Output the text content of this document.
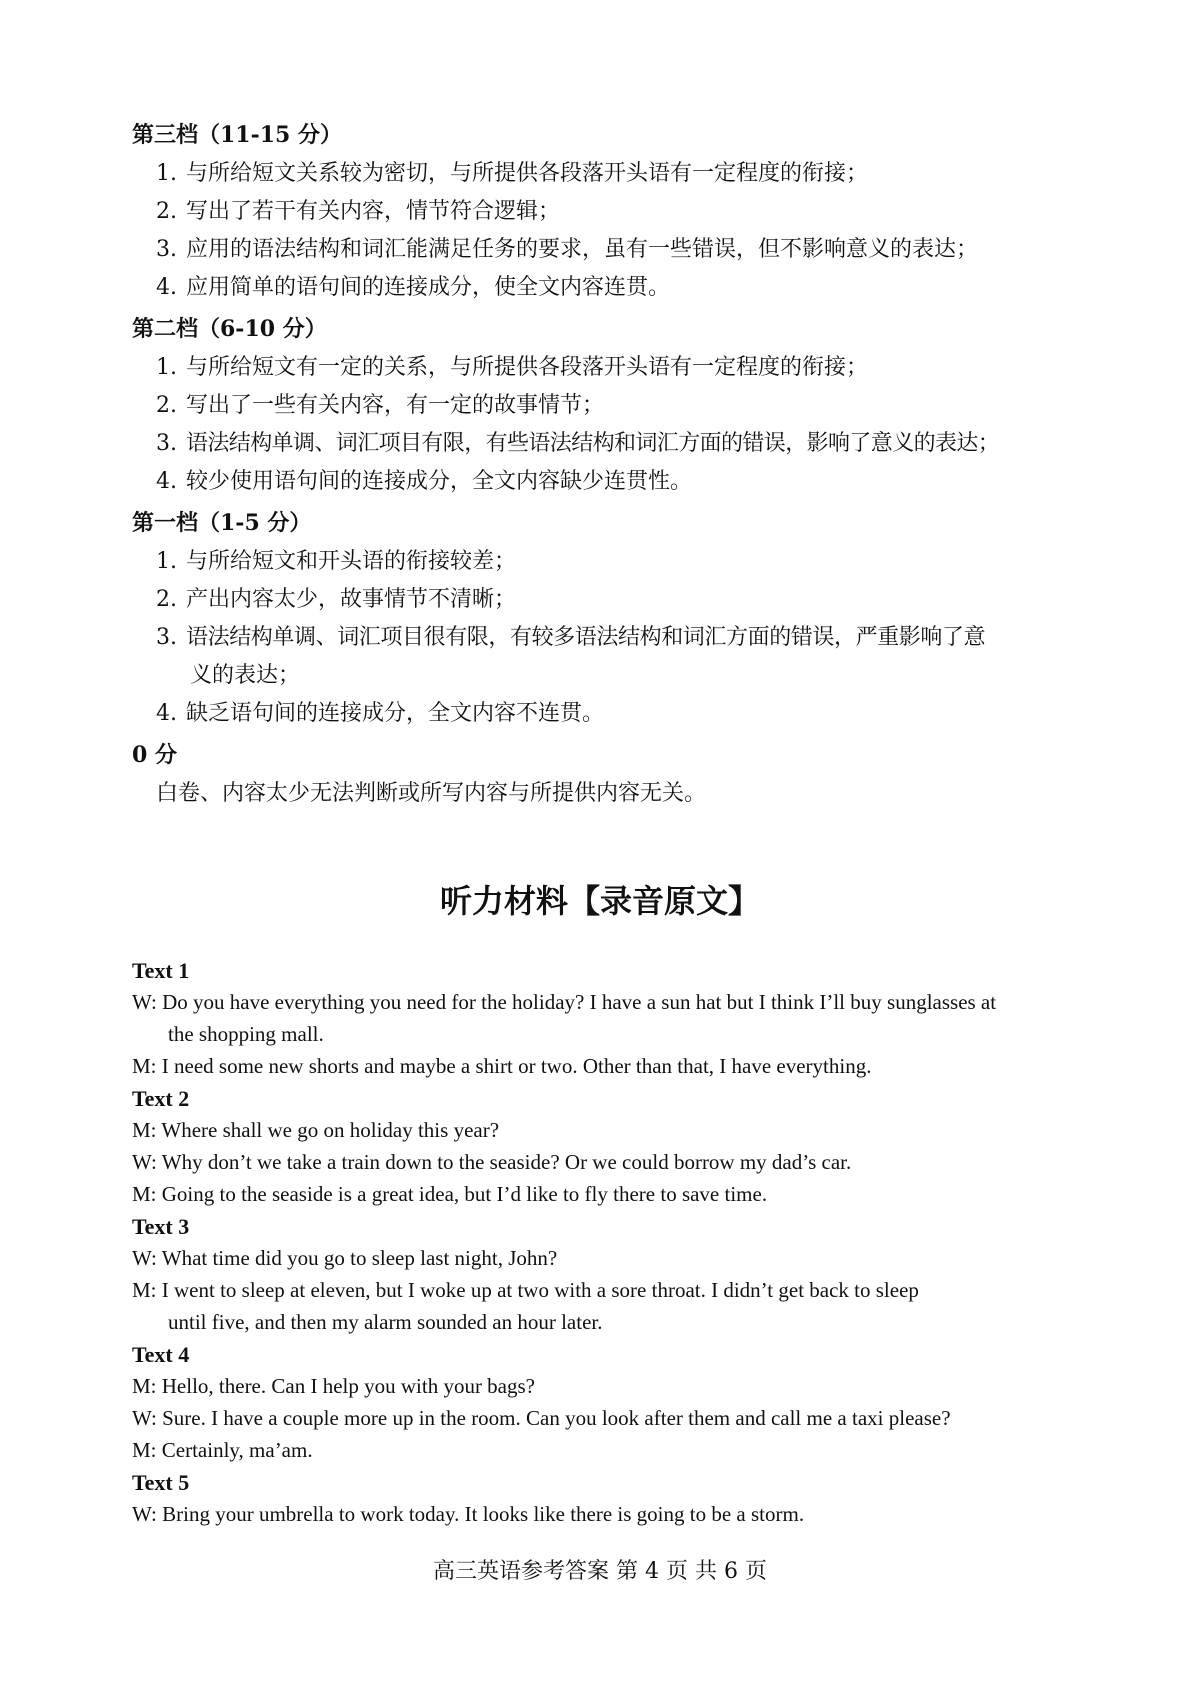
第三档（11-15 分）
1. 与所给短文关系较为密切，与所提供各段落开头语有一定程度的衔接；
2. 写出了若干有关内容，情节符合逻辑；
3. 应用的语法结构和词汇能满足任务的要求，虽有一些错误，但不影响意义的表达；
4. 应用简单的语句间的连接成分，使全文内容连贯。
第二档（6-10 分）
1. 与所给短文有一定的关系，与所提供各段落开头语有一定程度的衔接；
2. 写出了一些有关内容，有一定的故事情节；
3. 语法结构单调、词汇项目有限，有些语法结构和词汇方面的错误，影响了意义的表达；
4. 较少使用语句间的连接成分，全文内容缺少连贯性。
第一档（1-5 分）
1. 与所给短文和开头语的衔接较差；
2. 产出内容太少，故事情节不清晰；
3. 语法结构单调、词汇项目很有限，有较多语法结构和词汇方面的错误，严重影响了意
义的表达；
4. 缺乏语句间的连接成分，全文内容不连贯。
0 分
白卷、内容太少无法判断或所写内容与所提供内容无关。
听力材料【录音原文】
Text 1
W: Do you have everything you need for the holiday? I have a sun hat but I think I’ll buy sunglasses at
the shopping mall.
M: I need some new shorts and maybe a shirt or two. Other than that, I have everything.
Text 2
M: Where shall we go on holiday this year?
W: Why don’t we take a train down to the seaside? Or we could borrow my dad’s car.
M: Going to the seaside is a great idea, but I’d like to fly there to save time.
Text 3
W: What time did you go to sleep last night, John?
M: I went to sleep at eleven, but I woke up at two with a sore throat. I didn’t get back to sleep
until five, and then my alarm sounded an hour later.
Text 4
M: Hello, there. Can I help you with your bags?
W: Sure. I have a couple more up in the room. Can you look after them and call me a taxi please?
M: Certainly, ma’am.
Text 5
W: Bring your umbrella to work today. It looks like there is going to be a storm.
高三英语参考答案 第 4 页 共 6 页
